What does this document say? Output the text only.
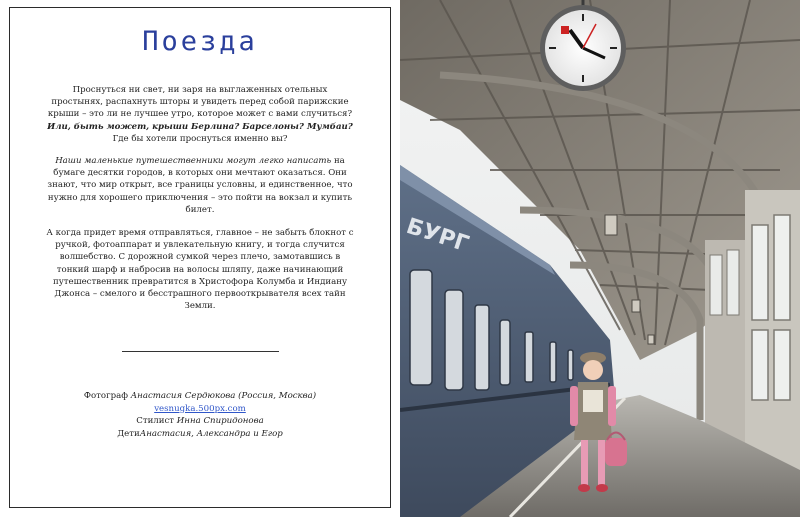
Поезда

Проснуться ни свет, ни заря на выглаженных отельных простынях, распахнуть шторы и увидеть перед собой парижские крыши – это ли не лучшее утро, которое может с вами случиться? Или, быть может, крыши Берлина? Барселоны? Мумбаи? Где бы хотели проснуться именно вы?

Наши маленькие путешественники могут легко написать на бумаге десятки городов, в которых они мечтают оказаться. Они знают, что мир открыт, все границы условны, и единственное, что нужно для хорошего приключения – это пойти на вокзал и купить билет.

А когда придет время отправляться, главное – не забыть блокнот с ручкой, фотоаппарат и увлекательную книгу, и тогда случится волшебство. С дорожной сумкой через плечо, замотавшись в тонкий шарф и набросив на волосы шляпу, даже начинающий путешественник превратится в Христофора Колумба и Индиану Джонса – смелого и бесстрашного первооткрывателя всех тайн Земли.

Фотограф Анастасия Сердюкова (Россия, Москва)
vesnugka.500px.com
Стилист Инна Спиридонова
ДетиАнастасия, Александра и Егор
БУРГ
